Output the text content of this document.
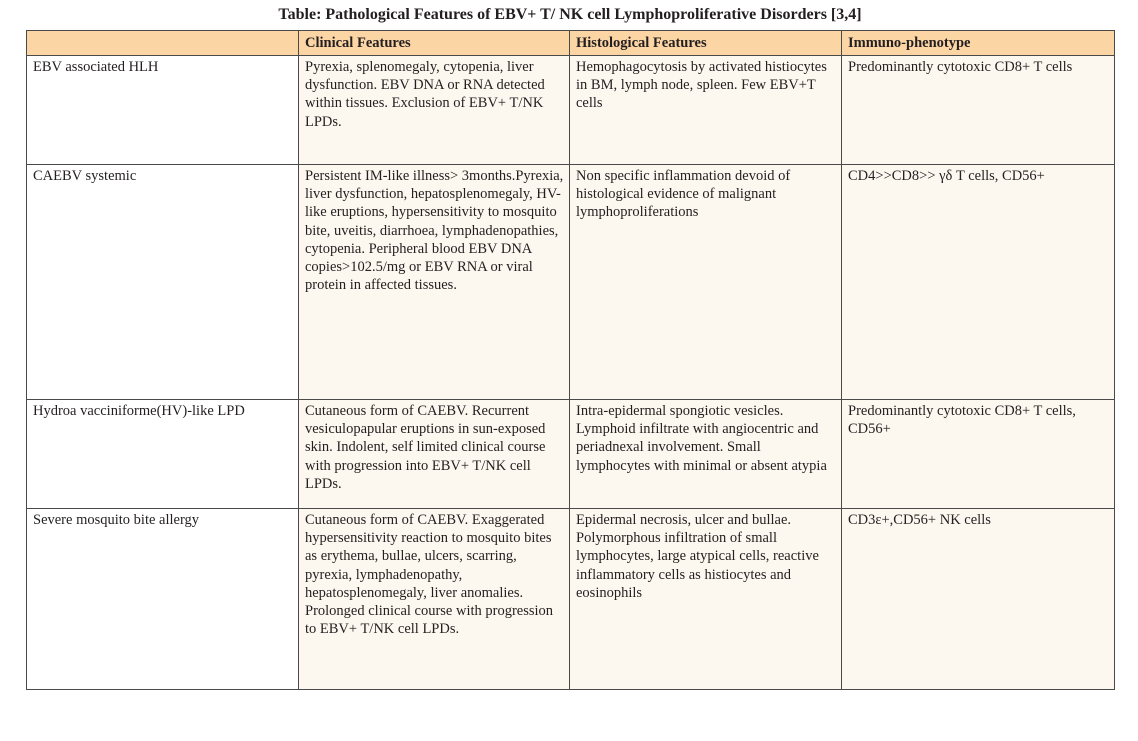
Table: Pathological Features of EBV+ T/ NK cell Lymphoproliferative Disorders [3,4]
	Clinical Features	Histological Features	Immuno-phenotype
EBV associated HLH	Pyrexia, splenomegaly, cytopenia, liver dysfunction. EBV DNA or RNA detected within tissues. Exclusion of EBV+ T/NK LPDs.	Hemophagocytosis by activated histiocytes in BM, lymph node, spleen. Few EBV+T cells	Predominantly cytotoxic CD8+ T cells
CAEBV systemic	Persistent IM-like illness> 3months.Pyrexia, liver dysfunction, hepatosplenomegaly, HV-like eruptions, hypersensitivity to mosquito bite, uveitis, diarrhoea, lymphadenopathies, cytopenia. Peripheral blood EBV DNA copies>102.5/mg or EBV RNA or viral protein in affected tissues.	Non specific inflammation devoid of histological evidence of malignant lymphoproliferations	CD4>>CD8>> γδ T cells, CD56+
Hydroa vacciniforme(HV)-like LPD	Cutaneous form of CAEBV. Recurrent vesiculopapular eruptions in sun-exposed skin. Indolent, self limited clinical course with progression into EBV+ T/NK cell LPDs.	Intra-epidermal spongiotic vesicles. Lymphoid infiltrate with angiocentric and periadnexal involvement. Small lymphocytes with minimal or absent atypia	Predominantly cytotoxic CD8+ T cells, CD56+
Severe mosquito bite allergy	Cutaneous form of CAEBV. Exaggerated hypersensitivity reaction to mosquito bites as erythema, bullae, ulcers, scarring, pyrexia, lymphadenopathy, hepatosplenomegaly, liver anomalies. Prolonged clinical course with progression to EBV+ T/NK cell LPDs.	Epidermal necrosis, ulcer and bullae. Polymorphous infiltration of small lymphocytes, large atypical cells, reactive inflammatory cells as histiocytes and eosinophils	CD3ε+,CD56+ NK cells
